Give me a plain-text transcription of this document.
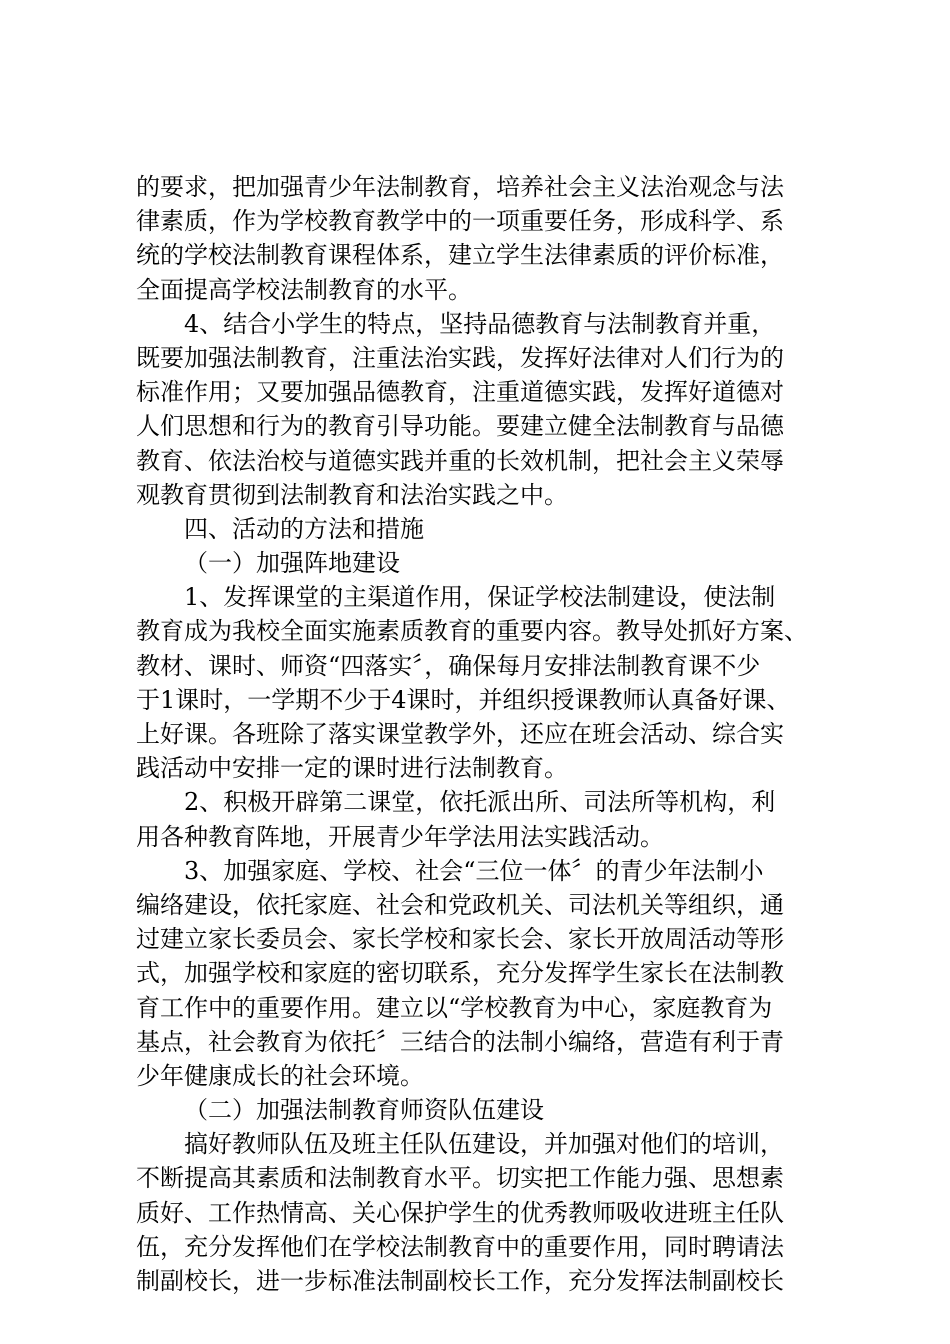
的要求，把加强青少年法制教育，培养社会主义法治观念与法
律素质，作为学校教育教学中的一项重要任务，形成科学、系
统的学校法制教育课程体系，建立学生法律素质的评价标准，
全面提高学校法制教育的水平。
4、结合小学生的特点，坚持品德教育与法制教育并重，
既要加强法制教育，注重法治实践，发挥好法律对人们行为的
标准作用；又要加强品德教育，注重道德实践，发挥好道德对
人们思想和行为的教育引导功能。要建立健全法制教育与品德
教育、依法治校与道德实践并重的长效机制，把社会主义荣辱
观教育贯彻到法制教育和法治实践之中。
四、活动的方法和措施
（一）加强阵地建设
1、发挥课堂的主渠道作用，保证学校法制建设，使法制
教育成为我校全面实施素质教育的重要内容。教导处抓好方案、
教材、课时、师资“四落实〞，确保每月安排法制教育课不少
于1课时，一学期不少于4课时，并组织授课教师认真备好课、
上好课。各班除了落实课堂教学外，还应在班会活动、综合实
践活动中安排一定的课时进行法制教育。
2、积极开辟第二课堂，依托派出所、司法所等机构，利
用各种教育阵地，开展青少年学法用法实践活动。
3、加强家庭、学校、社会“三位一体〞的青少年法制小
编络建设，依托家庭、社会和党政机关、司法机关等组织，通
过建立家长委员会、家长学校和家长会、家长开放周活动等形
式，加强学校和家庭的密切联系，充分发挥学生家长在法制教
育工作中的重要作用。建立以“学校教育为中心，家庭教育为
基点，社会教育为依托〞三结合的法制小编络，营造有利于青
少年健康成长的社会环境。
（二）加强法制教育师资队伍建设
搞好教师队伍及班主任队伍建设，并加强对他们的培训，
不断提高其素质和法制教育水平。切实把工作能力强、思想素
质好、工作热情高、关心保护学生的优秀教师吸收进班主任队
伍，充分发挥他们在学校法制教育中的重要作用，同时聘请法
制副校长，进一步标准法制副校长工作，充分发挥法制副校长
